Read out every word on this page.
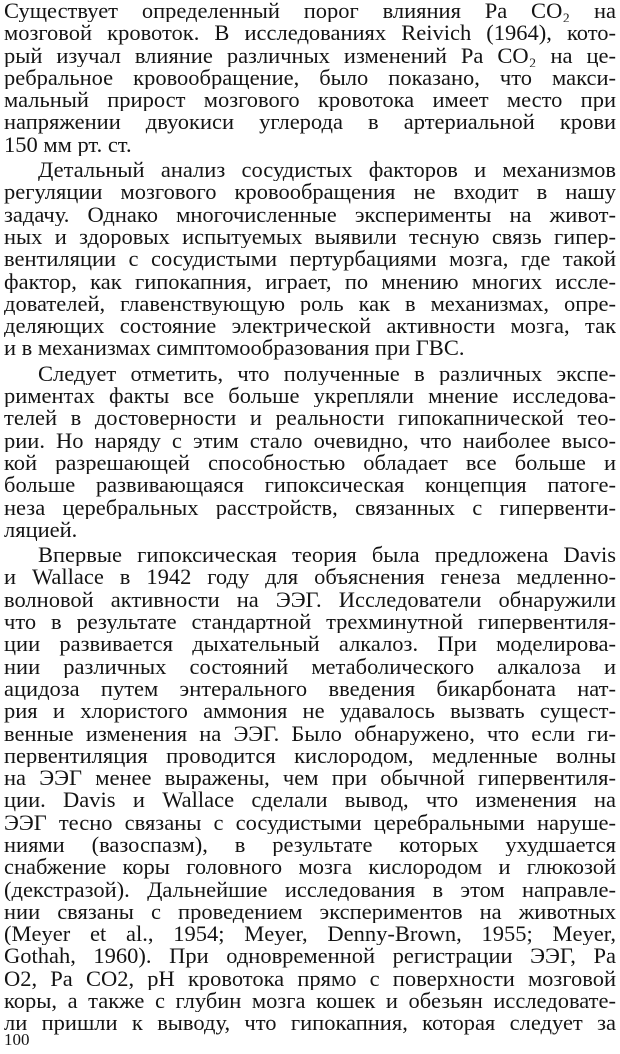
Существует определенный порог влияния Ра СО₂ на
мозговой кровоток. В исследованиях Reivich (1964), кото-
рый изучал влияние различных изменений Ра СО₂ на це-
ребральное кровообращение, было показано, что макси-
мальный прирост мозгового кровотока имеет место при
напряжении двуокиси углерода в артериальной крови
150 мм рт. ст.
Детальный анализ сосудистых факторов и механизмов
регуляции мозгового кровообращения не входит в нашу
задачу. Однако многочисленные эксперименты на живот-
ных и здоровых испытуемых выявили тесную связь гипер-
вентиляции с сосудистыми пертурбациями мозга, где такой
фактор, как гипокапния, играет, по мнению многих иссле-
дователей, главенствующую роль как в механизмах, опре-
деляющих состояние электрической активности мозга, так
и в механизмах симптомообразования при ГВС.
Следует отметить, что полученные в различных экспе-
риментах факты все больше укрепляли мнение исследова-
телей в достоверности и реальности гипокапнической тео-
рии. Но наряду с этим стало очевидно, что наиболее высо-
кой разрешающей способностью обладает все больше и
больше развивающаяся гипоксическая концепция патоге-
неза церебральных расстройств, связанных с гипервенти-
ляцией.
Впервые гипоксическая теория была предложена Davis
и Wallace в 1942 году для объяснения генеза медленно-
волновой активности на ЭЭГ. Исследователи обнаружили
что в результате стандартной трехминутной гипервентиля-
ции развивается дыхательный алкалоз. При моделирова-
нии различных состояний метаболического алкалоза и
ацидоза путем энтерального введения бикарбоната нат-
рия и хлористого аммония не удавалось вызвать сущест-
венные изменения на ЭЭГ. Было обнаружено, что если ги-
первентиляция проводится кислородом, медленные волны
на ЭЭГ менее выражены, чем при обычной гипервентиля-
ции. Davis и Wallace сделали вывод, что изменения на
ЭЭГ тесно связаны с сосудистыми церебральными наруше-
ниями (вазоспазм), в результате которых ухудшается
снабжение коры головного мозга кислородом и глюкозой
(декстразой). Дальнейшие исследования в этом направле-
нии связаны с проведением экспериментов на животных
(Meyer et al., 1954; Meyer, Denny-Brown, 1955; Meyer,
Gothah, 1960). При одновременной регистрации ЭЭГ, Ра
О2, Ра СО2, рН кровотока прямо с поверхности мозговой
коры, а также с глубин мозга кошек и обезьян исследовате-
ли пришли к выводу, что гипокапния, которая следует за
100
